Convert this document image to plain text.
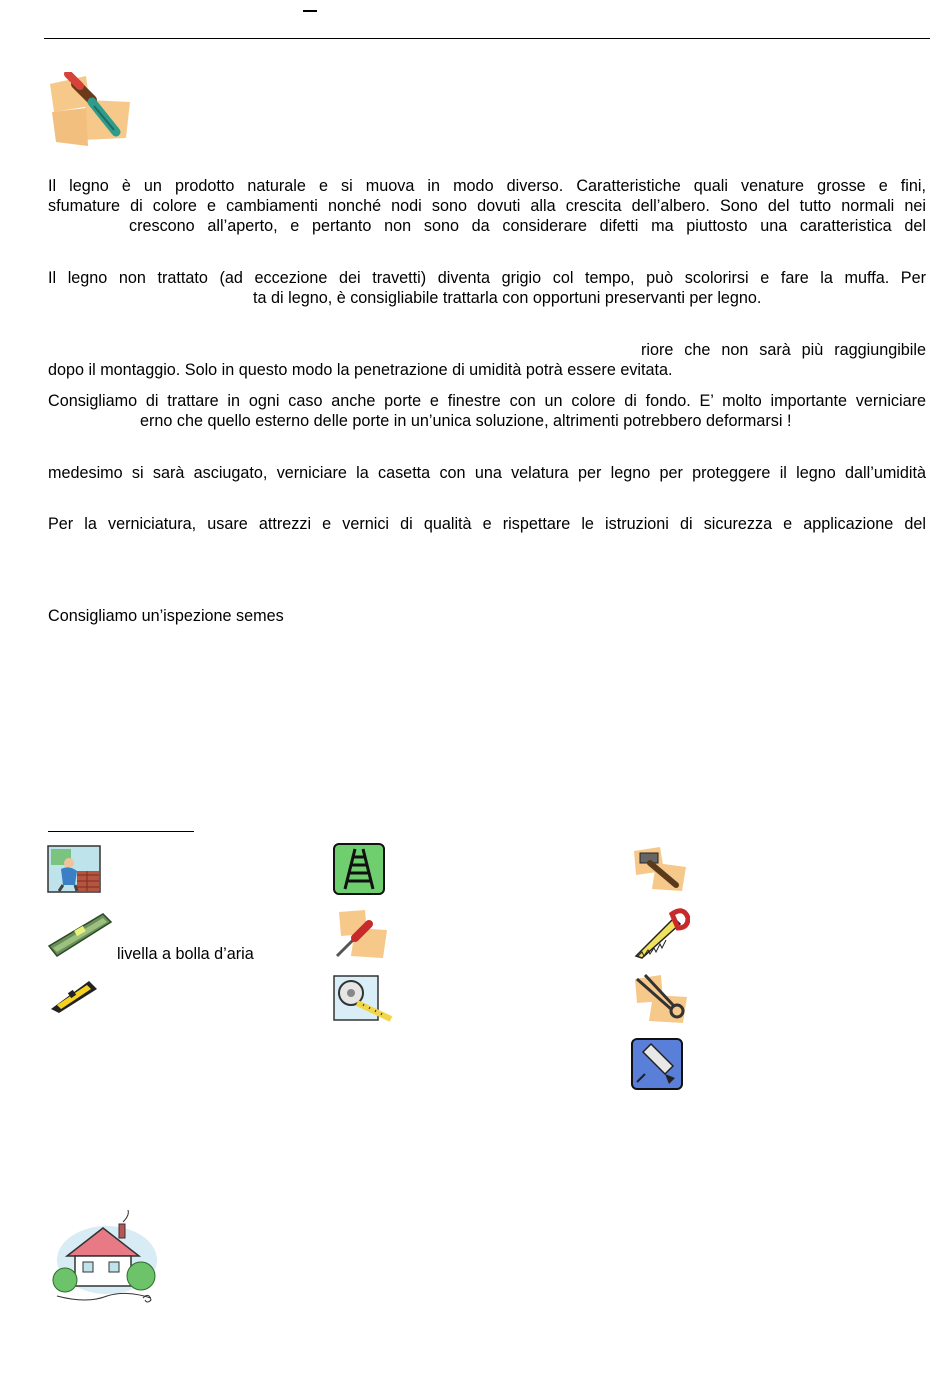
Il legno è un prodotto naturale e si muova in modo diverso. Caratteristiche quali venature grosse e fini,
sfumature di colore e cambiamenti nonché nodi sono dovuti alla crescita dell’albero. Sono del tutto normali nei
crescono all’aperto, e pertanto non sono da considerare difetti ma piuttosto una caratteristica del
Il legno non trattato (ad eccezione dei travetti) diventa grigio col tempo, può scolorirsi e fare la muffa. Per
ta di legno, è consigliabile trattarla con opportuni preservanti per legno.
riore che non sarà più raggiungibile
dopo il montaggio. Solo in questo modo la penetrazione di umidità potrà essere evitata.
Consigliamo di trattare in ogni caso anche porte e finestre con un colore di fondo. E’ molto importante verniciare
erno che quello esterno delle porte in un’unica soluzione, altrimenti potrebbero deformarsi !
medesimo si sarà asciugato, verniciare la casetta con una velatura per legno per proteggere il legno dall’umidità
Per la verniciatura, usare attrezzi e vernici di qualità e rispettare le istruzioni di sicurezza e applicazione del
Consigliamo un’ispezione semes
livella a bolla d’aria
